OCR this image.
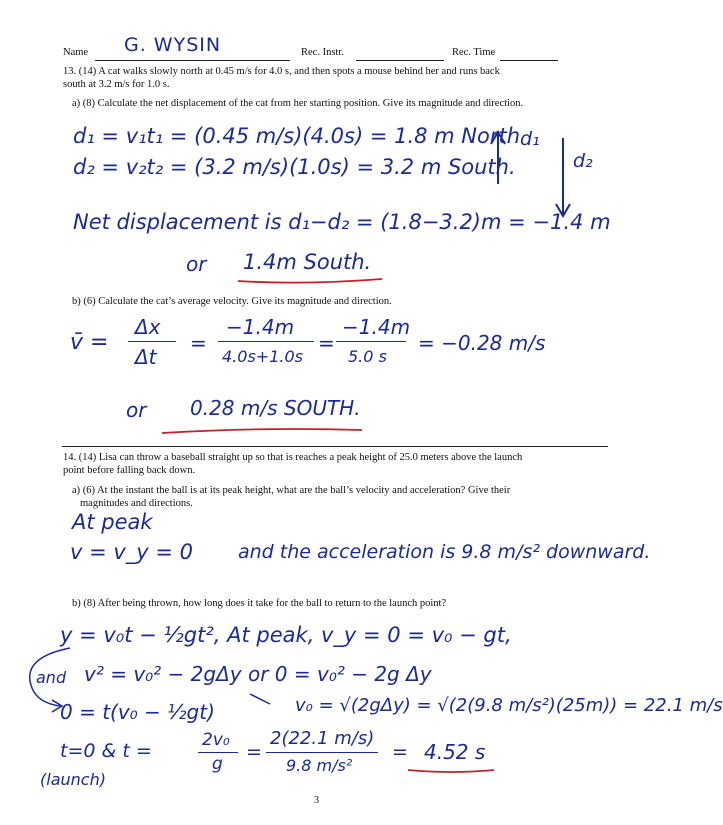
Name G. WYSIN	Rec. Instr.	Rec. Time
13. (14) A cat walks slowly north at 0.45 m/s for 4.0 s, and then spots a mouse behind her and runs back
south at 3.2 m/s for 1.0 s.
a) (8) Calculate the net displacement of the cat from her starting position. Give its magnitude and direction.
d₁ = v₁t₁ = (0.45 m/s)(4.0s) = 1.8 m North
d₂ = v₂t₂ = (3.2 m/s)(1.0s) = 3.2 m South.
d₁
d₂
Net displacement is d₁−d₂ = (1.8−3.2)m = −1.4 m
or 1.4m South.
b) (6) Calculate the cat’s average velocity. Give its magnitude and direction.
v̄ =
Δx
Δt
=
−1.4m
4.0s+1.0s
=
−1.4m
5.0 s
= −0.28 m/s
or 0.28 m/s SOUTH.
14. (14) Lisa can throw a baseball straight up so that is reaches a peak height of 25.0 meters above the launch
point before falling back down.
a) (6) At the instant the ball is at its peak height, what are the ball’s velocity and acceleration? Give their
magnitudes and directions.
At peak
v = v_y = 0 and the acceleration is 9.8 m/s² downward.
b) (8) After being thrown, how long does it take for the ball to return to the launch point?
y = v₀t − ½gt², At peak, v_y = 0 = v₀ − gt,
and v² = v₀² − 2gΔy or 0 = v₀² − 2g Δy
0 = t(v₀ − ½gt)	v₀ = √(2gΔy) = √(2(9.8 m/s²)(25m)) = 22.1 m/s
t=0 & t =	2v₀
g
=
2(22.1 m/s)
9.8 m/s²
= 4.52 s
(launch)
3
